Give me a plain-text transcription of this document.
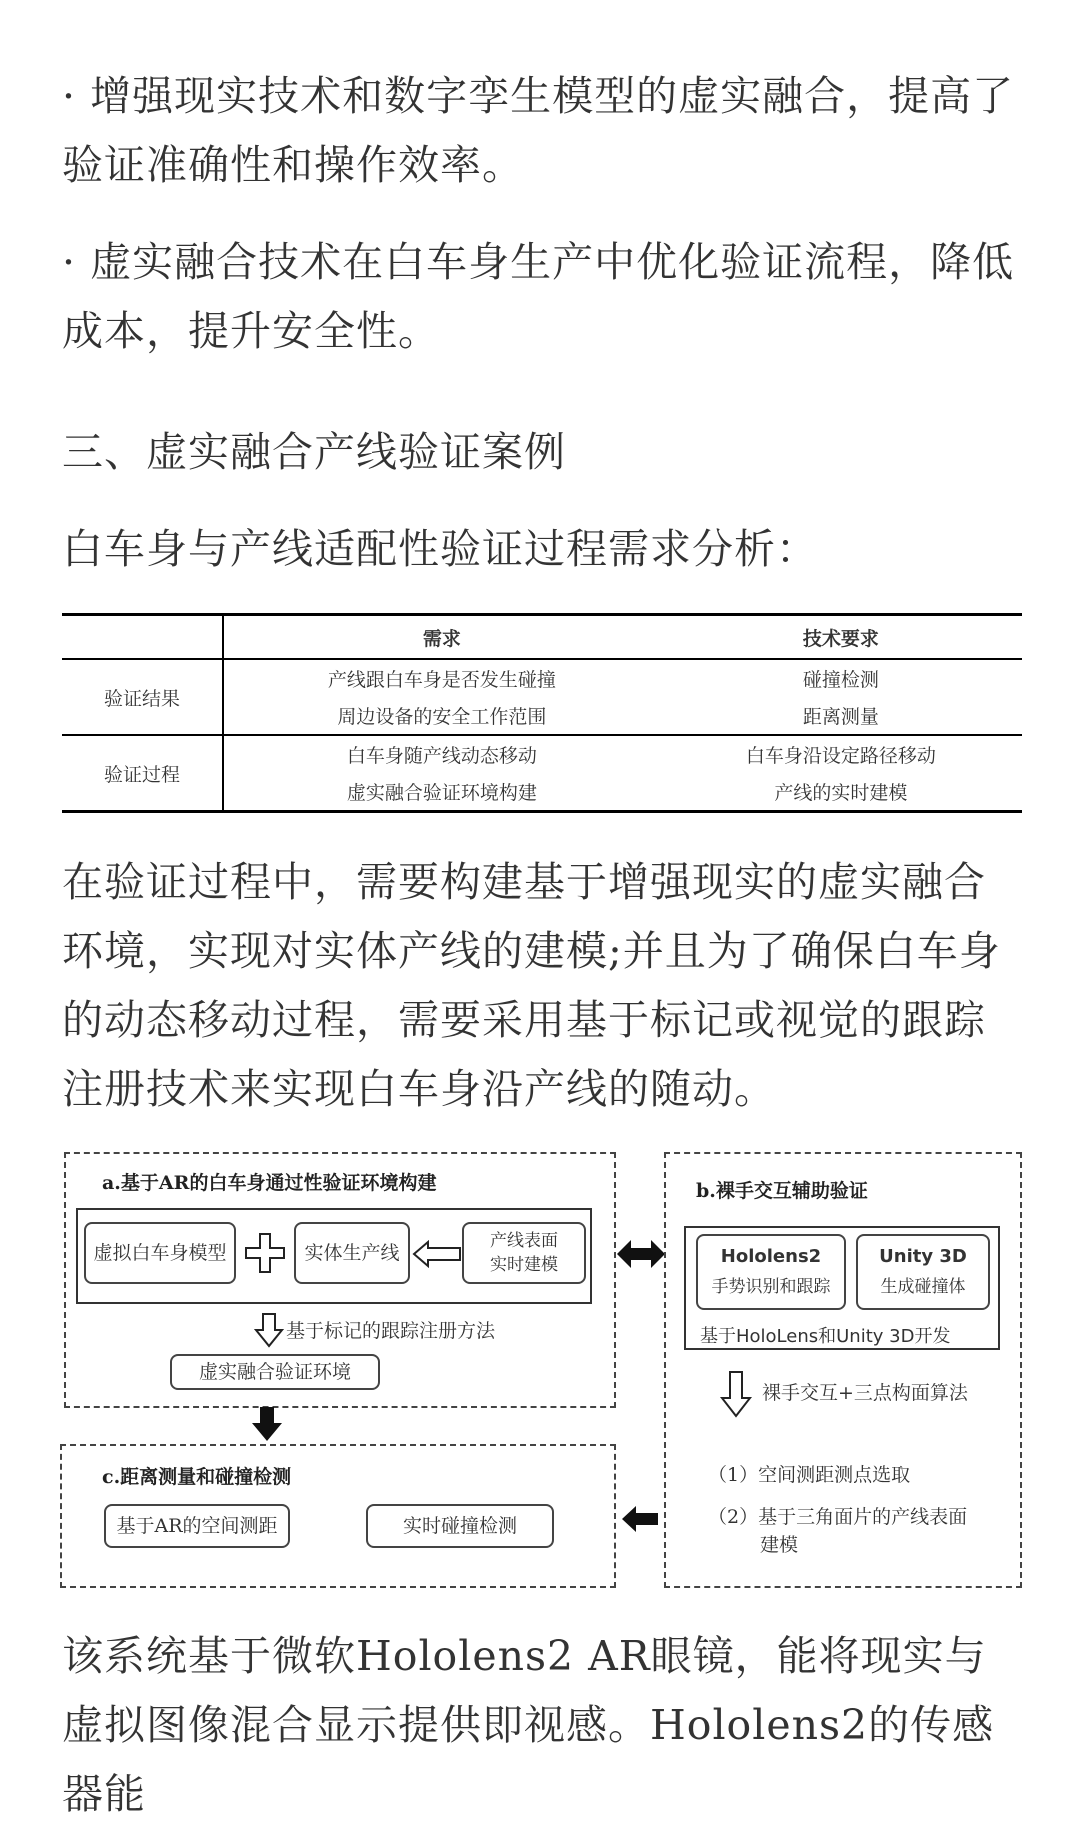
· 增强现实技术和数字孪生模型的虚实融合，提高了验证准确性和操作效率。

· 虚实融合技术在白车身生产中优化验证流程，降低成本，提升安全性。

三、虚实融合产线验证案例

白车身与产线适配性验证过程需求分析：

	需求	技术要求
验证结果	产线跟白车身是否发生碰撞	碰撞检测
	周边设备的安全工作范围	距离测量
验证过程	白车身随产线动态移动	白车身沿设定路径移动
	虚实融合验证环境构建	产线的实时建模

在验证过程中，需要构建基于增强现实的虚实融合环境，实现对实体产线的建模;并且为了确保白车身的动态移动过程，需要采用基于标记或视觉的跟踪注册技术来实现白车身沿产线的随动。

a.基于AR的白车身通过性验证环境构建
虚拟白车身模型	实体生产线
产线表面
实时建模
基于标记的跟踪注册方法
虚实融合验证环境
c.距离测量和碰撞检测
基于AR的空间测距	实时碰撞检测
b.裸手交互辅助验证
Hololens2
手势识别和跟踪
Unity 3D
生成碰撞体
基于HoloLens和Unity 3D开发
裸手交互+三点构面算法
（1）空间测距测点选取
（2）基于三角面片的产线表面
建模

该系统基于微软Hololens2 AR眼镜，能将现实与虚拟图像混合显示提供即视感。Hololens2的传感器能
